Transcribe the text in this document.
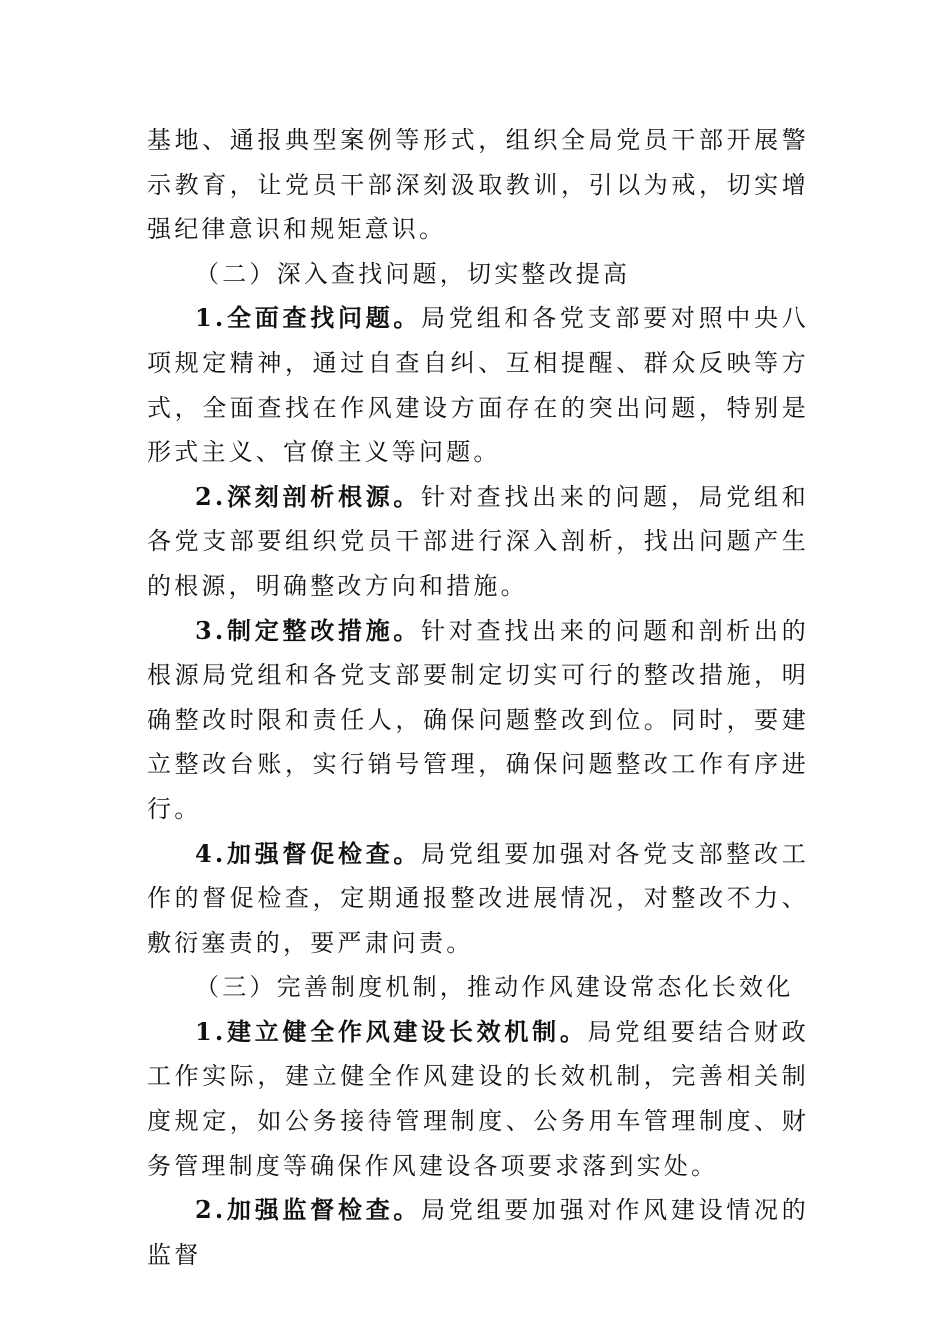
基地、通报典型案例等形式，组织全局党员干部开展警示教育，让党员干部深刻汲取教训，引以为戒，切实增强纪律意识和规矩意识。

（二）深入查找问题，切实整改提高

1.全面查找问题。局党组和各党支部要对照中央八项规定精神，通过自查自纠、互相提醒、群众反映等方式，全面查找在作风建设方面存在的突出问题，特别是形式主义、官僚主义等问题。

2.深刻剖析根源。针对查找出来的问题，局党组和各党支部要组织党员干部进行深入剖析，找出问题产生的根源，明确整改方向和措施。

3.制定整改措施。针对查找出来的问题和剖析出的根源局党组和各党支部要制定切实可行的整改措施，明确整改时限和责任人，确保问题整改到位。同时，要建立整改台账，实行销号管理，确保问题整改工作有序进行。

4.加强督促检查。局党组要加强对各党支部整改工作的督促检查，定期通报整改进展情况，对整改不力、敷衍塞责的，要严肃问责。

（三）完善制度机制，推动作风建设常态化长效化

1.建立健全作风建设长效机制。局党组要结合财政工作实际，建立健全作风建设的长效机制，完善相关制度规定，如公务接待管理制度、公务用车管理制度、财务管理制度等确保作风建设各项要求落到实处。

2.加强监督检查。局党组要加强对作风建设情况的监督
